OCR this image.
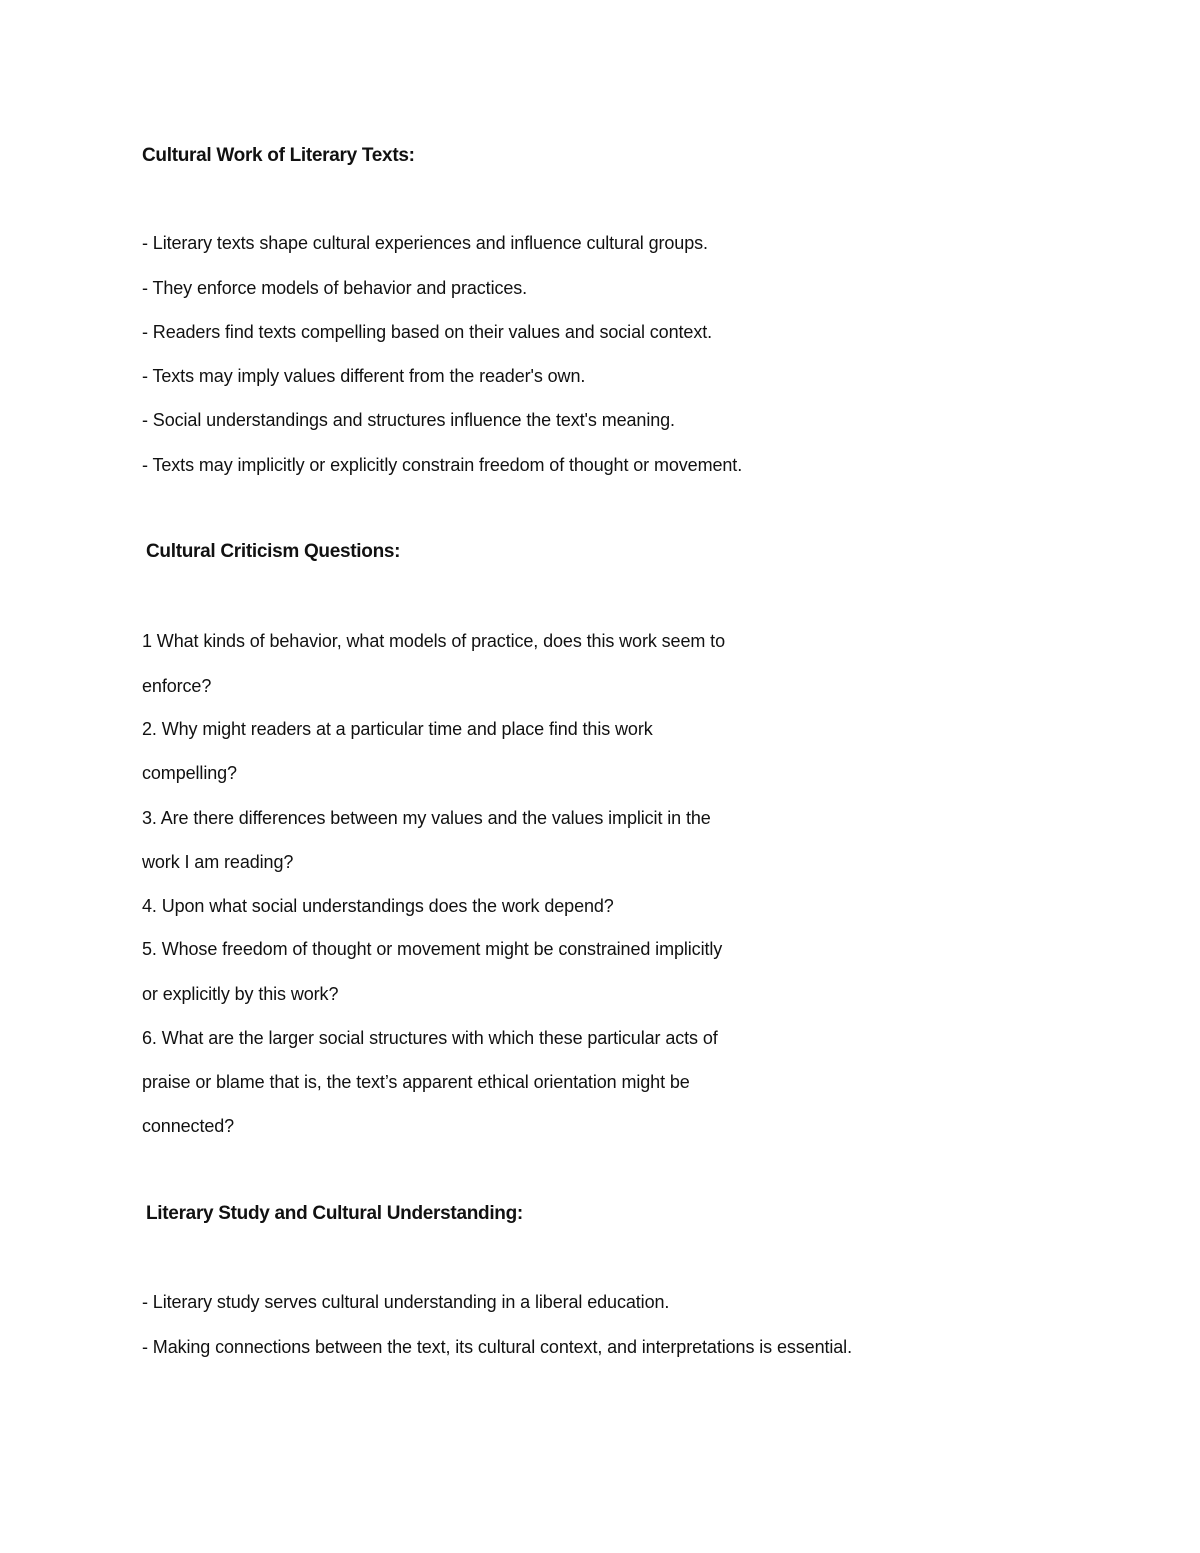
Cultural Work of Literary Texts:
- Literary texts shape cultural experiences and influence cultural groups.
- They enforce models of behavior and practices.
- Readers find texts compelling based on their values and social context.
- Texts may imply values different from the reader's own.
- Social understandings and structures influence the text's meaning.
- Texts may implicitly or explicitly constrain freedom of thought or movement.
Cultural Criticism Questions:
1 What kinds of behavior, what models of practice, does this work seem to
enforce?
2. Why might readers at a particular time and place find this work
compelling?
3. Are there differences between my values and the values implicit in the
work I am reading?
4. Upon what social understandings does the work depend?
5. Whose freedom of thought or movement might be constrained implicitly
or explicitly by this work?
6. What are the larger social structures with which these particular acts of
praise or blame that is, the text’s apparent ethical orientation might be
connected?
Literary Study and Cultural Understanding:
- Literary study serves cultural understanding in a liberal education.
- Making connections between the text, its cultural context, and interpretations is essential.
